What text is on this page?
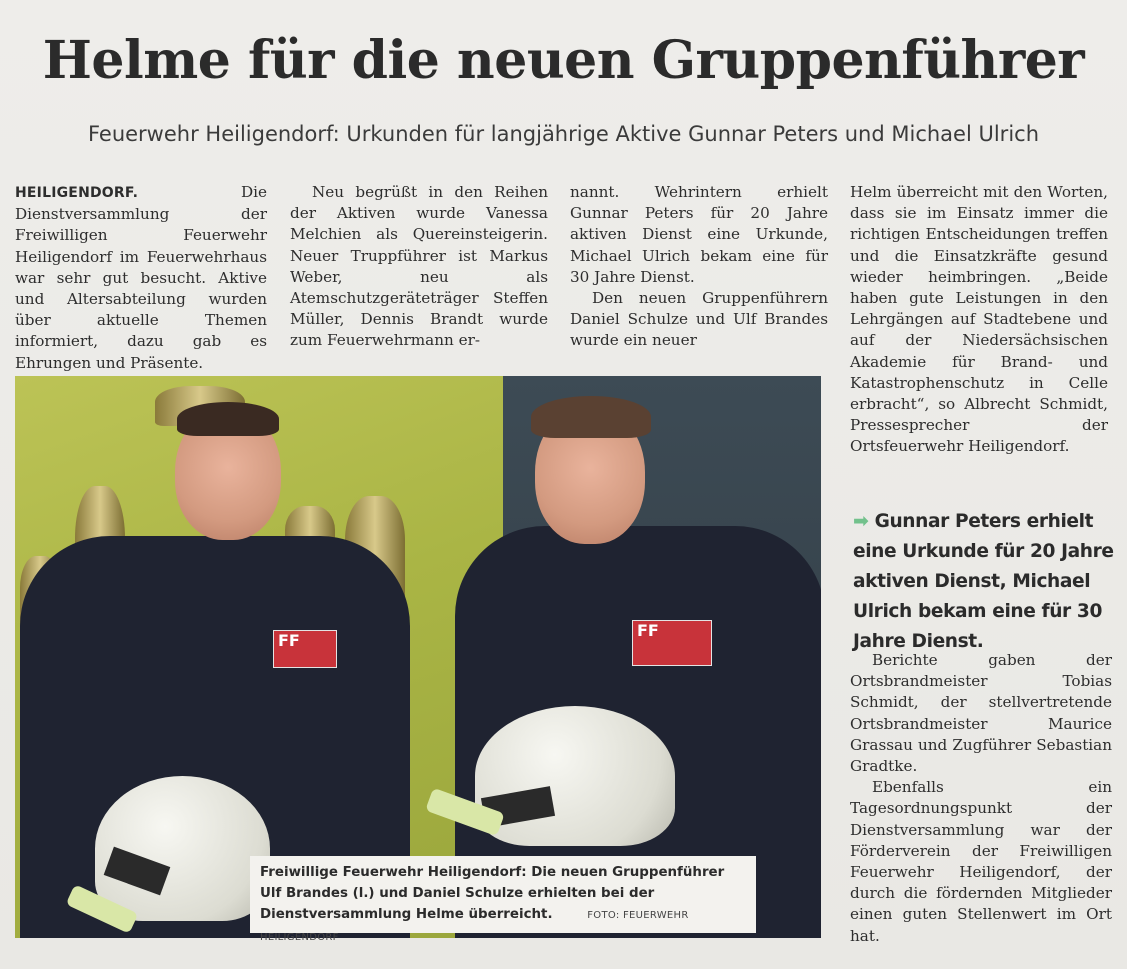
Helme für die neuen Gruppenführer

Feuerwehr Heiligendorf: Urkunden für langjährige Aktive Gunnar Peters und Michael Ulrich

HEILIGENDORF.	Die Dienstversammlung der Freiwilligen Feuerwehr Heiligendorf im Feuerwehrhaus war sehr gut besucht. Aktive und Altersabteilung wurden über aktuelle Themen informiert, dazu gab es Ehrungen und Präsente.

Neu begrüßt in den Reihen der Aktiven wurde Vanessa Melchien als Quereinsteigerin. Neuer Truppführer ist Markus Weber, neu als Atemschutzgeräteträger Steffen Müller, Dennis Brandt wurde zum Feuerwehrmann er-

nannt. Wehrintern erhielt Gunnar Peters für 20 Jahre aktiven Dienst eine Urkunde, Michael Ulrich bekam eine für 30 Jahre Dienst.

Den neuen Gruppenführern Daniel Schulze und Ulf Brandes wurde ein neuer

Helm überreicht mit den Worten, dass sie im Einsatz immer die richtigen Entscheidungen treffen und die Einsatzkräfte gesund wieder heimbringen. „Beide haben gute Leistungen in den Lehrgängen auf Stadtebene und auf der Niedersächsischen Akademie für Brand- und Katastrophenschutz in Celle erbracht“, so Albrecht Schmidt, Pressesprecher der Ortsfeuerwehr Heiligendorf.

➡ Gunnar Peters erhielt eine Urkunde für 20 Jahre aktiven Dienst, Michael Ulrich bekam eine für 30 Jahre Dienst.

Berichte gaben der Ortsbrandmeister Tobias Schmidt, der stellvertretende Ortsbrandmeister Maurice Grassau und Zugführer Sebastian Gradtke.

Ebenfalls ein Tagesordnungspunkt der Dienstversammlung war der Förderverein der Freiwilligen Feuerwehr Heiligendorf, der durch die fördernden Mitglieder einen guten Stellenwert im Ort hat.

FF
FF
Freiwillige Feuerwehr Heiligendorf: Die neuen Gruppenführer Ulf Brandes (l.) und Daniel Schulze erhielten bei der Dienstversammlung Helme überreicht.	FOTO: FEUERWEHR HEILIGENDORF
